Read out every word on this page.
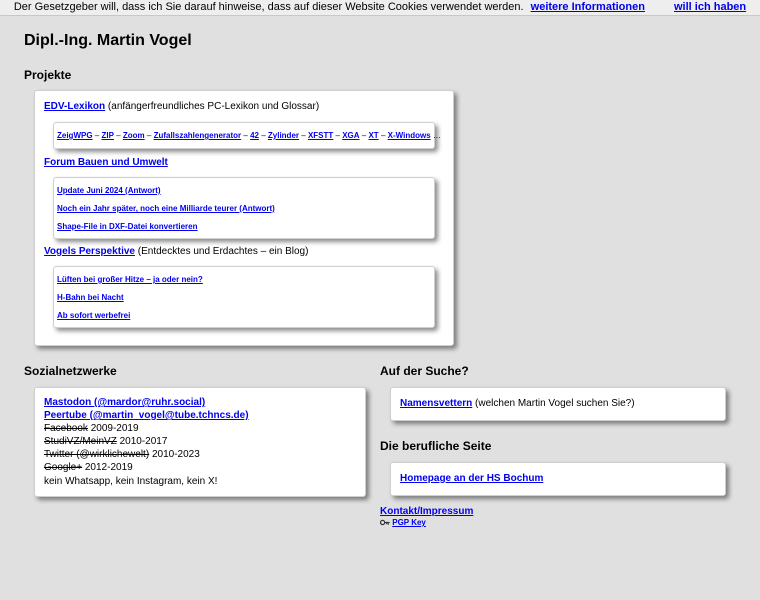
Der Gesetzgeber will, dass ich Sie darauf hinweise, dass auf dieser Website Cookies verwendet werden. weitere Informationen	will ich haben
Dipl.-Ing. Martin Vogel
Projekte
EDV-Lexikon (anfängerfreundliches PC-Lexikon und Glossar)
ZeigWPG – ZIP – Zoom – Zufallszahlengenerator – 42 – Zylinder – XFSTT – XGA – XT – X-Windows …
Forum Bauen und Umwelt
Update Juni 2024 (Antwort)
Noch ein Jahr später, noch eine Milliarde teurer (Antwort)
Shape-File in DXF-Datei konvertieren
Vogels Perspektive (Entdecktes und Erdachtes – ein Blog)
Lüften bei großer Hitze – ja oder nein?
H-Bahn bei Nacht
Ab sofort werbefrei
Sozialnetzwerke
Mastodon (@mardor@ruhr.social)
Peertube (@martin_vogel@tube.tchncs.de)
Facebook 2009-2019
StudiVZ/MeinVZ 2010-2017
Twitter (@wirklichewelt) 2010-2023
Google+ 2012-2019
kein Whatsapp, kein Instagram, kein X!
Auf der Suche?
Namensvettern (welchen Martin Vogel suchen Sie?)
Die berufliche Seite
Homepage an der HS Bochum
Kontakt/Impressum
PGP Key
